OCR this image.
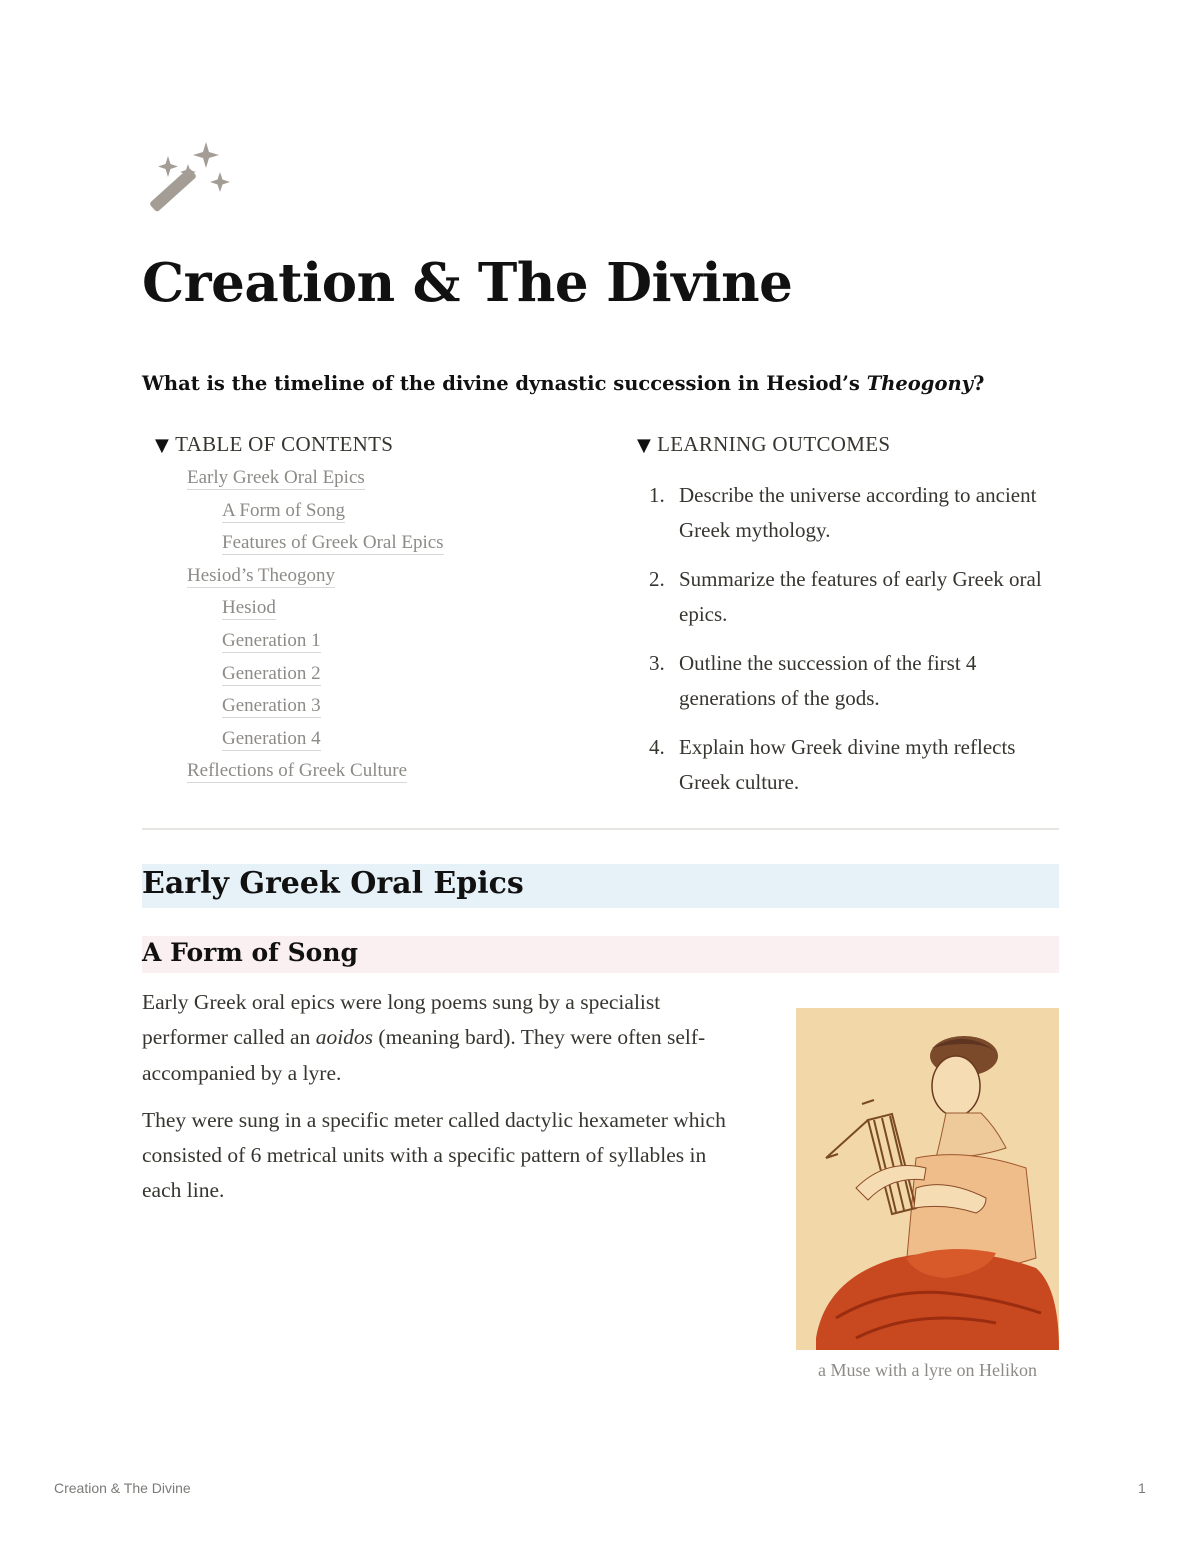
Creation & The Divine

What is the timeline of the divine dynastic succession in Hesiod’s Theogony?

▼ TABLE OF CONTENTS
Early Greek Oral Epics
A Form of Song
Features of Greek Oral Epics
Hesiod’s Theogony
Hesiod
Generation 1
Generation 2
Generation 3
Generation 4
Reflections of Greek Culture
▼ LEARNING OUTCOMES
1. Describe the universe according to ancient Greek mythology.
2. Summarize the features of early Greek oral epics.
3. Outline the succession of the first 4 generations of the gods.
4. Explain how Greek divine myth reflects Greek culture.
Early Greek Oral Epics
A Form of Song

Early Greek oral epics were long poems sung by a specialist performer called an aoidos (meaning bard). They were often self-accompanied by a lyre.

They were sung in a specific meter called dactylic hexameter which consisted of 6 metrical units with a specific pattern of syllables in each line.

a Muse with a lyre on Helikon
Creation & The Divine	1
